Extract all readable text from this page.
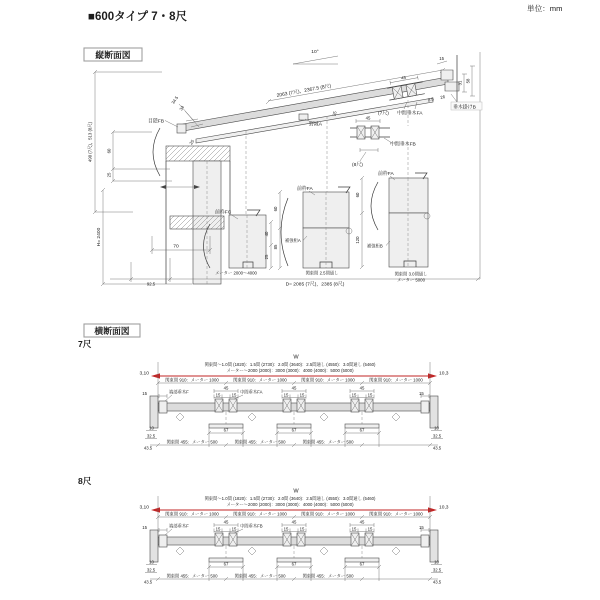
■600タイプ 7・8尺
単位：mm
縦断面図	10°
2063 (7尺)，2367.5 (8尺)
15
31 58
8.5 26
垂木掛けB
45
(7尺) 中間垂木FA
45
(8尺)
中間垂木FB
野縁A
25
目隠FB
34.5
34
25
490 (7尺)，513 (8尺)	60
25
H= 2400
70
92.5	D= 2085 (7尺)，2385 (8尺)
40
25
前枠FC
メーター 2000～4000
60
85
前枠FA
補強桁A
関東間 2.5間通し
60
120
前枠FA
補強桁B
関東間 3.0間通し
メーター 5000
横断面図
7尺
8尺
W
関東間～1.0間 (1820)：1.5間 (2730)：2.0間 (3640)：2.5間通し (4550)：3.0間通し (5460)
メーター～2000 (2000)：3000 (3000)：4000 (4000)：5000 (5000)
3,10	10,3
関東間 910：メーター 1000	関東間 910：メーター 1000	関東間 910：メーター 1000	関東間 910：メーター 1000
15	15
端部垂木F	中間垂木FA
45
15	15
67
45
15	15
67
45
15	15
67
10
32.5
10
32.5
関東間 455：メーター 500	関東間 455：メーター 500	関東間 455：メーター 500
43.5	43.5
W
関東間～1.0間 (1820)：1.5間 (2730)：2.0間 (3640)：2.5間通し (4550)：3.0間通し (5460)
メーター～2000 (2000)：3000 (3000)：4000 (4000)：5000 (5000)
3,10	10,3
関東間 910：メーター 1000	関東間 910：メーター 1000	関東間 910：メーター 1000	関東間 910：メーター 1000
15	15
端部垂木F	中間垂木FB
45
15	15
67
45
15	15
67
45
15	15
67
10
32.5
10
32.5
関東間 455：メーター 500	関東間 455：メーター 500	関東間 455：メーター 500
43.5	43.5
